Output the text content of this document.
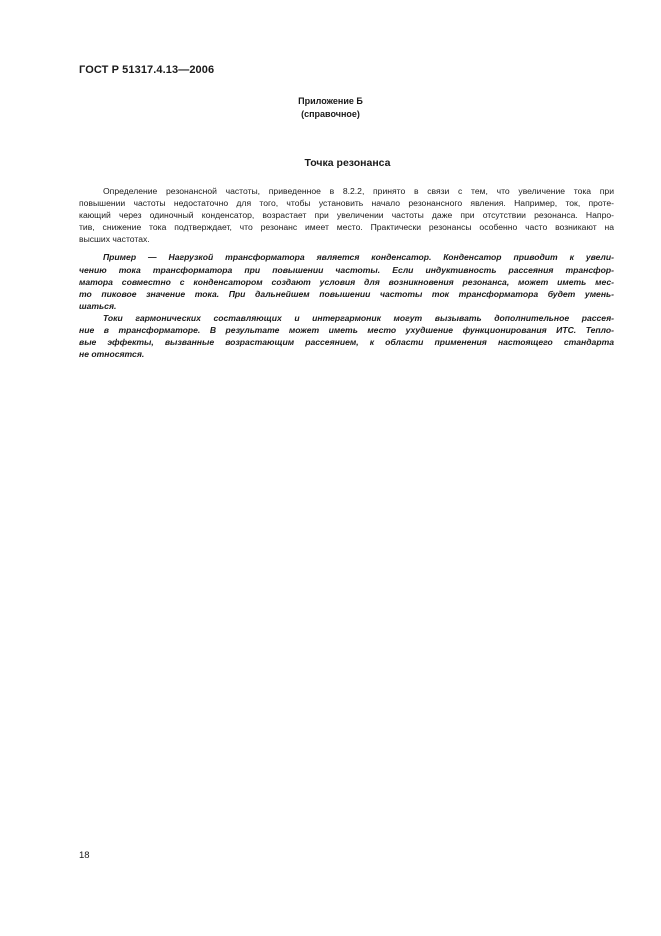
ГОСТ Р 51317.4.13—2006
Приложение Б
(справочное)
Точка резонанса
Определение резонансной частоты, приведенное в 8.2.2, принято в связи с тем, что увеличение тока при
повышении частоты недостаточно для того, чтобы установить начало резонансного явления. Например, ток, проте-
кающий через одиночный конденсатор, возрастает при увеличении частоты даже при отсутствии резонанса. Напро-
тив, снижение тока подтверждает, что резонанс имеет место. Практически резонансы особенно часто возникают на
высших частотах.
Пример — Нагрузкой трансформатора является конденсатор. Конденсатор приводит к увели-
чению тока трансформатора при повышении частоты. Если индуктивность рассеяния трансфор-
матора совместно с конденсатором создают условия для возникновения резонанса, может иметь мес-
то пиковое значение тока. При дальнейшем повышении частоты ток трансформатора будет умень-
шаться.
Токи гармонических составляющих и интергармоник могут вызывать дополнительное рассея-
ние в трансформаторе. В результате может иметь место ухудшение функционирования ИТС. Тепло-
вые эффекты, вызванные возрастающим рассеянием, к области применения настоящего стандарта
не относятся.
18
